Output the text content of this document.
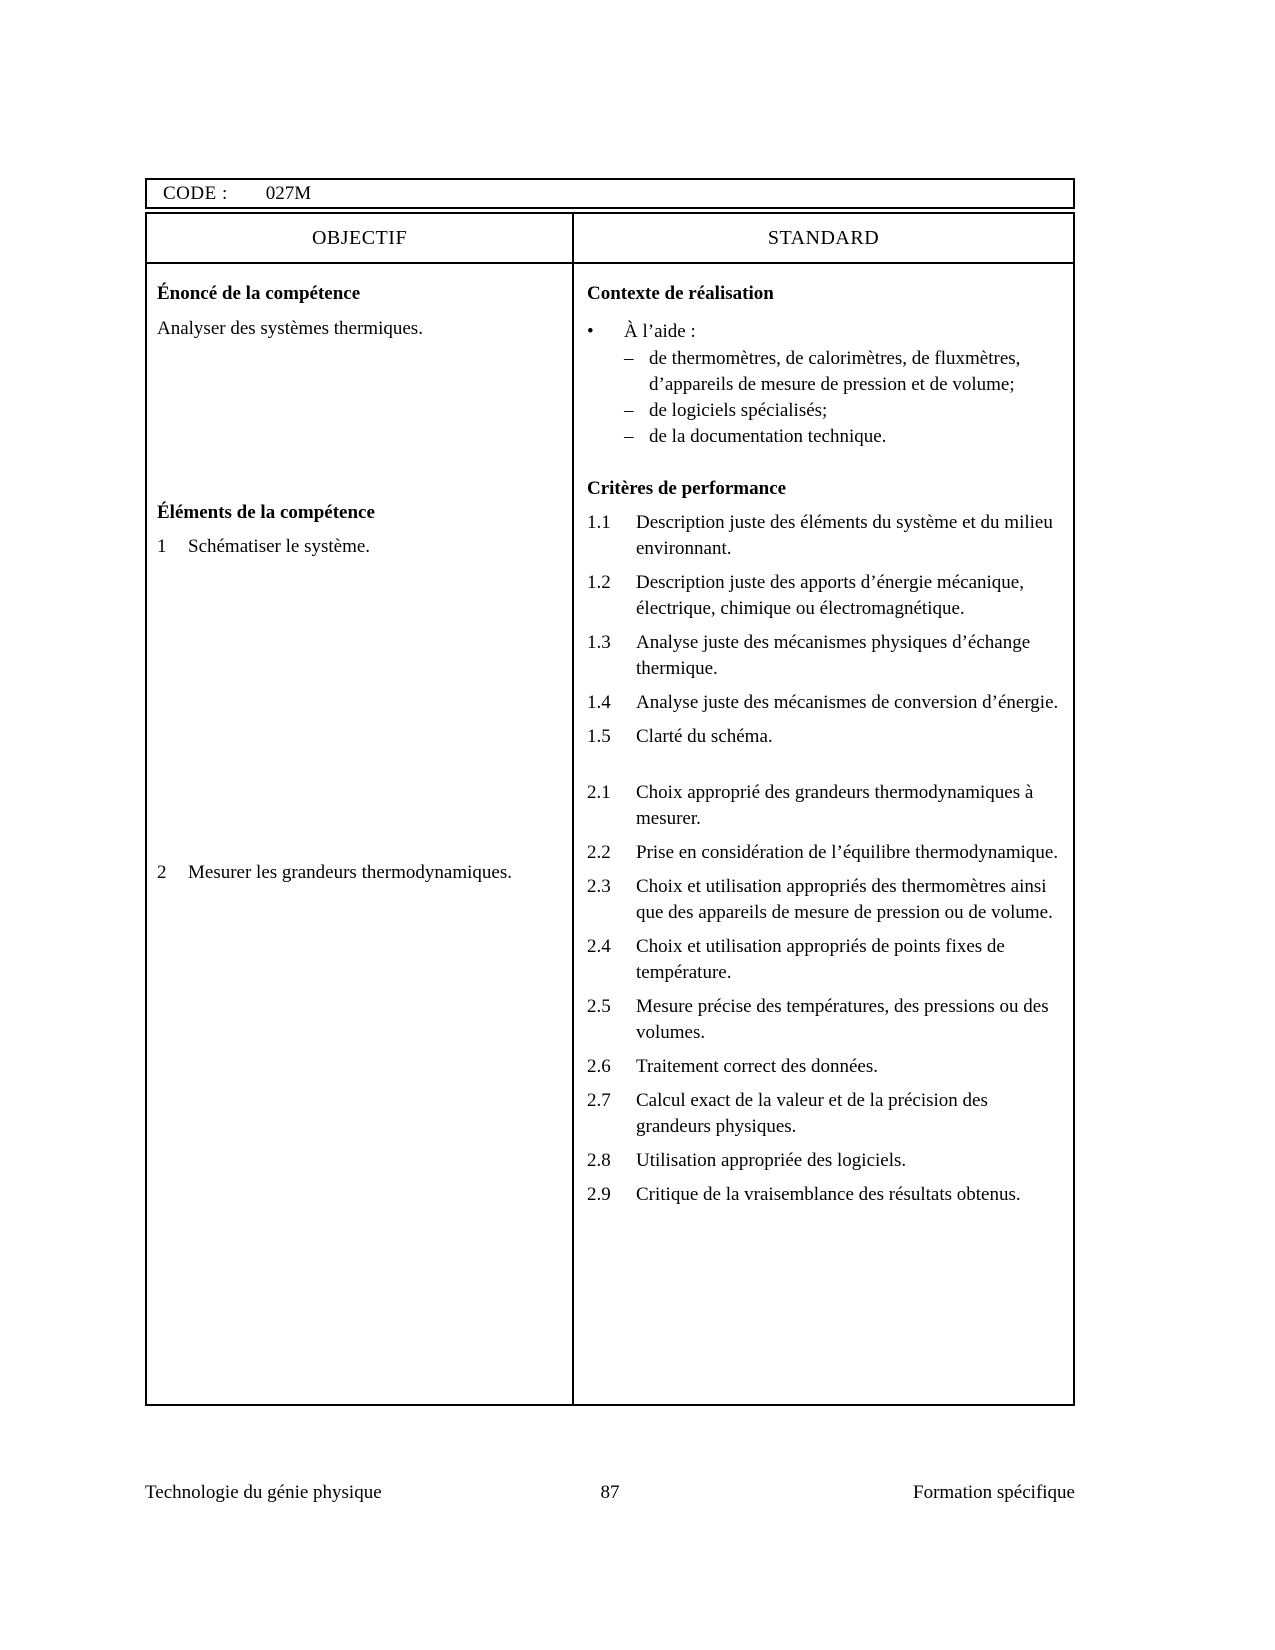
CODE : 027M
OBJECTIF	STANDARD
Énoncé de la compétence
Analyser des systèmes thermiques.
Éléments de la compétence
1	Schématiser le système.
2	Mesurer les grandeurs thermodynamiques.
Contexte de réalisation
•	À l’aide :
– de thermomètres, de calorimètres, de fluxmètres, d’appareils de mesure de pression et de volume;
– de logiciels spécialisés;
– de la documentation technique.
Critères de performance
1.1	Description juste des éléments du système et du milieu environnant.
1.2	Description juste des apports d’énergie mécanique, électrique, chimique ou électromagnétique.
1.3	Analyse juste des mécanismes physiques d’échange thermique.
1.4	Analyse juste des mécanismes de conversion d’énergie.
1.5	Clarté du schéma.
2.1	Choix approprié des grandeurs thermodynamiques à mesurer.
2.2	Prise en considération de l’équilibre thermodynamique.
2.3	Choix et utilisation appropriés des thermomètres ainsi que des appareils de mesure de pression ou de volume.
2.4	Choix et utilisation appropriés de points fixes de température.
2.5	Mesure précise des températures, des pressions ou des volumes.
2.6	Traitement correct des données.
2.7	Calcul exact de la valeur et de la précision des grandeurs physiques.
2.8	Utilisation appropriée des logiciels.
2.9	Critique de la vraisemblance des résultats obtenus.
Technologie du génie physique	87	Formation spécifique
